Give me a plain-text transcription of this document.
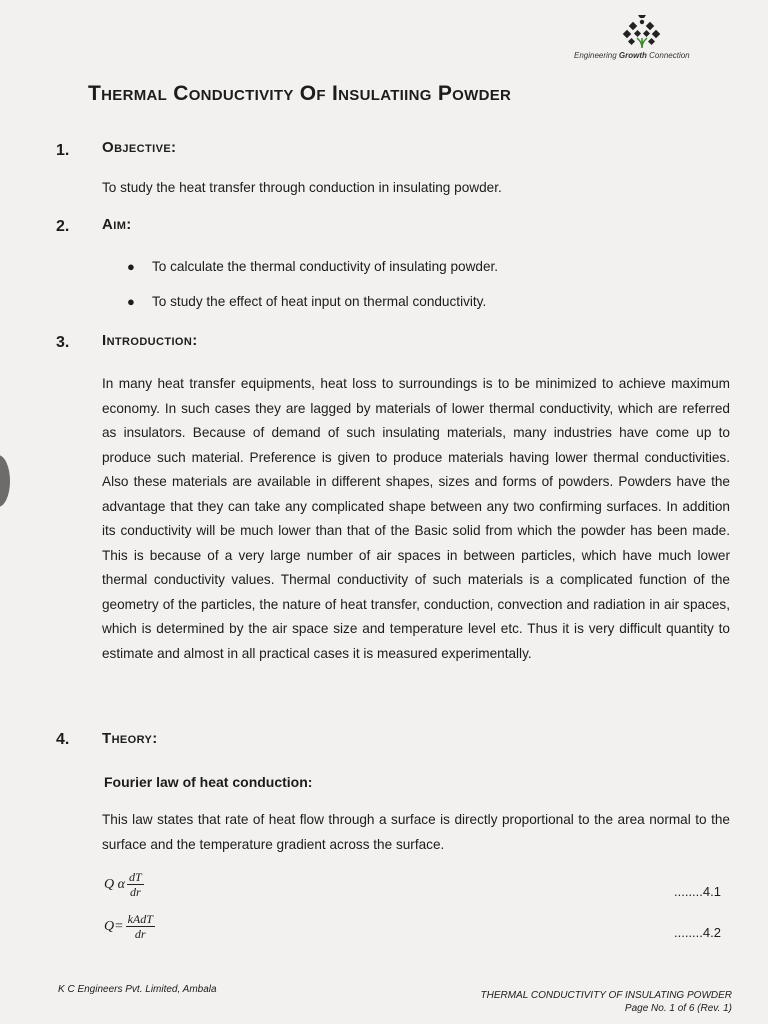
Engineering Growth Connection
Thermal Conductivity Of Insulatiing Powder
1. Objective:
To study the heat transfer through conduction in insulating powder.
2. Aim:
● To calculate the thermal conductivity of insulating powder.
● To study the effect of heat input on thermal conductivity.
3. Introduction:
In many heat transfer equipments, heat loss to surroundings is to be minimized to achieve maximum economy. In such cases they are lagged by materials of lower thermal conductivity, which are referred as insulators. Because of demand of such insulating materials, many industries have come up to produce such material. Preference is given to produce materials having lower thermal conductivities. Also these materials are available in different shapes, sizes and forms of powders. Powders have the advantage that they can take any complicated shape between any two confirming surfaces. In addition its conductivity will be much lower than that of the Basic solid from which the powder has been made. This is because of a very large number of air spaces in between particles, which have much lower thermal conductivity values. Thermal conductivity of such materials is a complicated function of the geometry of the particles, the nature of heat transfer, conduction, convection and radiation in air spaces, which is determined by the air space size and temperature level etc. Thus it is very difficult quantity to estimate and almost in all practical cases it is measured experimentally.
4. Theory:
Fourier law of heat conduction:
This law states that rate of heat flow through a surface is directly proportional to the area normal to the surface and the temperature gradient across the surface.
Q α $\frac{dT}{dr}$	........4.1
$Q= \frac{\text{kAdT}}{dr}$	........4.2
K C Engineers Pvt. Limited, Ambala
THERMAL CONDUCTIVITY OF INSULATING POWDER
Page No. 1 of 6 (Rev. 1)
